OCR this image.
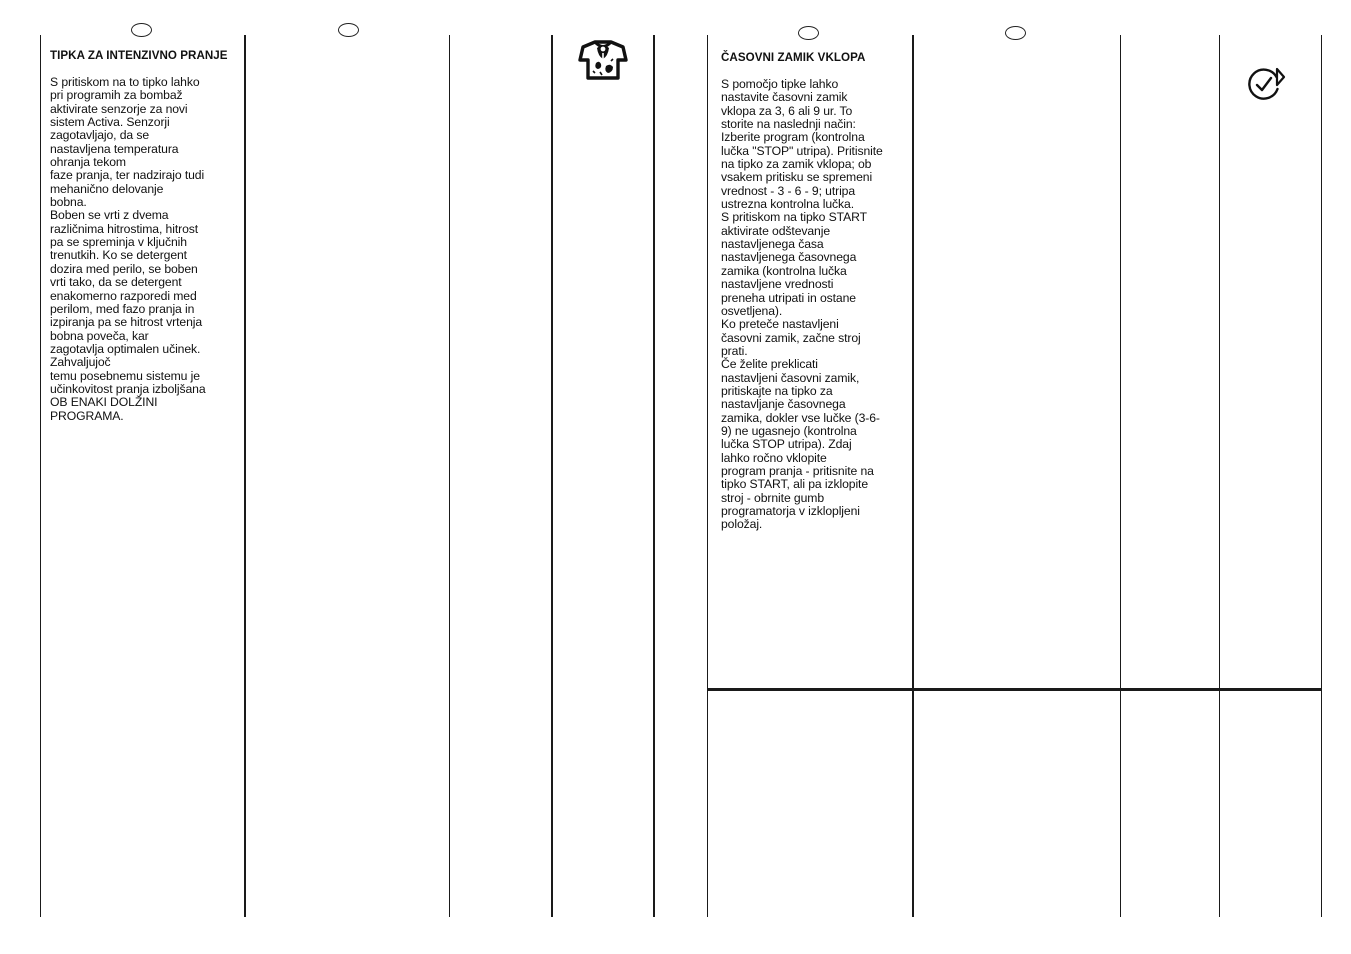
TIPKA ZA INTENZIVNO PRANJE
S pritiskom na to tipko lahko
pri programih za bombaž
aktivirate senzorje za novi
sistem Activa. Senzorji
zagotavljajo, da se
nastavljena temperatura
ohranja tekom
faze pranja, ter nadzirajo tudi
mehanično delovanje
bobna.
Boben se vrti z dvema
različnima hitrostima, hitrost
pa se spreminja v ključnih
trenutkih. Ko se detergent
dozira med perilo, se boben
vrti tako, da se detergent
enakomerno razporedi med
perilom, med fazo pranja in
izpiranja pa se hitrost vrtenja
bobna poveča, kar
zagotavlja optimalen učinek.
Zahvaljujoč
temu posebnemu sistemu je
učinkovitost pranja izboljšana
OB ENAKI DOLŽINI
PROGRAMA.
ČASOVNI ZAMIK VKLOPA
S pomočjo tipke lahko
nastavite časovni zamik
vklopa za 3, 6 ali 9 ur. To
storite na naslednji način:
Izberite program (kontrolna
lučka "STOP" utripa). Pritisnite
na tipko za zamik vklopa; ob
vsakem pritisku se spremeni
vrednost - 3 - 6 - 9; utripa
ustrezna kontrolna lučka.
S pritiskom na tipko START
aktivirate odštevanje
nastavljenega časa
nastavljenega časovnega
zamika (kontrolna lučka
nastavljene vrednosti
preneha utripati in ostane
osvetljena).
Ko preteče nastavljeni
časovni zamik, začne stroj
prati.
Če želite preklicati
nastavljeni časovni zamik,
pritiskajte na tipko za
nastavljanje časovnega
zamika, dokler vse lučke (3-6-
9) ne ugasnejo (kontrolna
lučka STOP utripa). Zdaj
lahko ročno vklopite
program pranja - pritisnite na
tipko START, ali pa izklopite
stroj - obrnite gumb
programatorja v izklopljeni
položaj.
